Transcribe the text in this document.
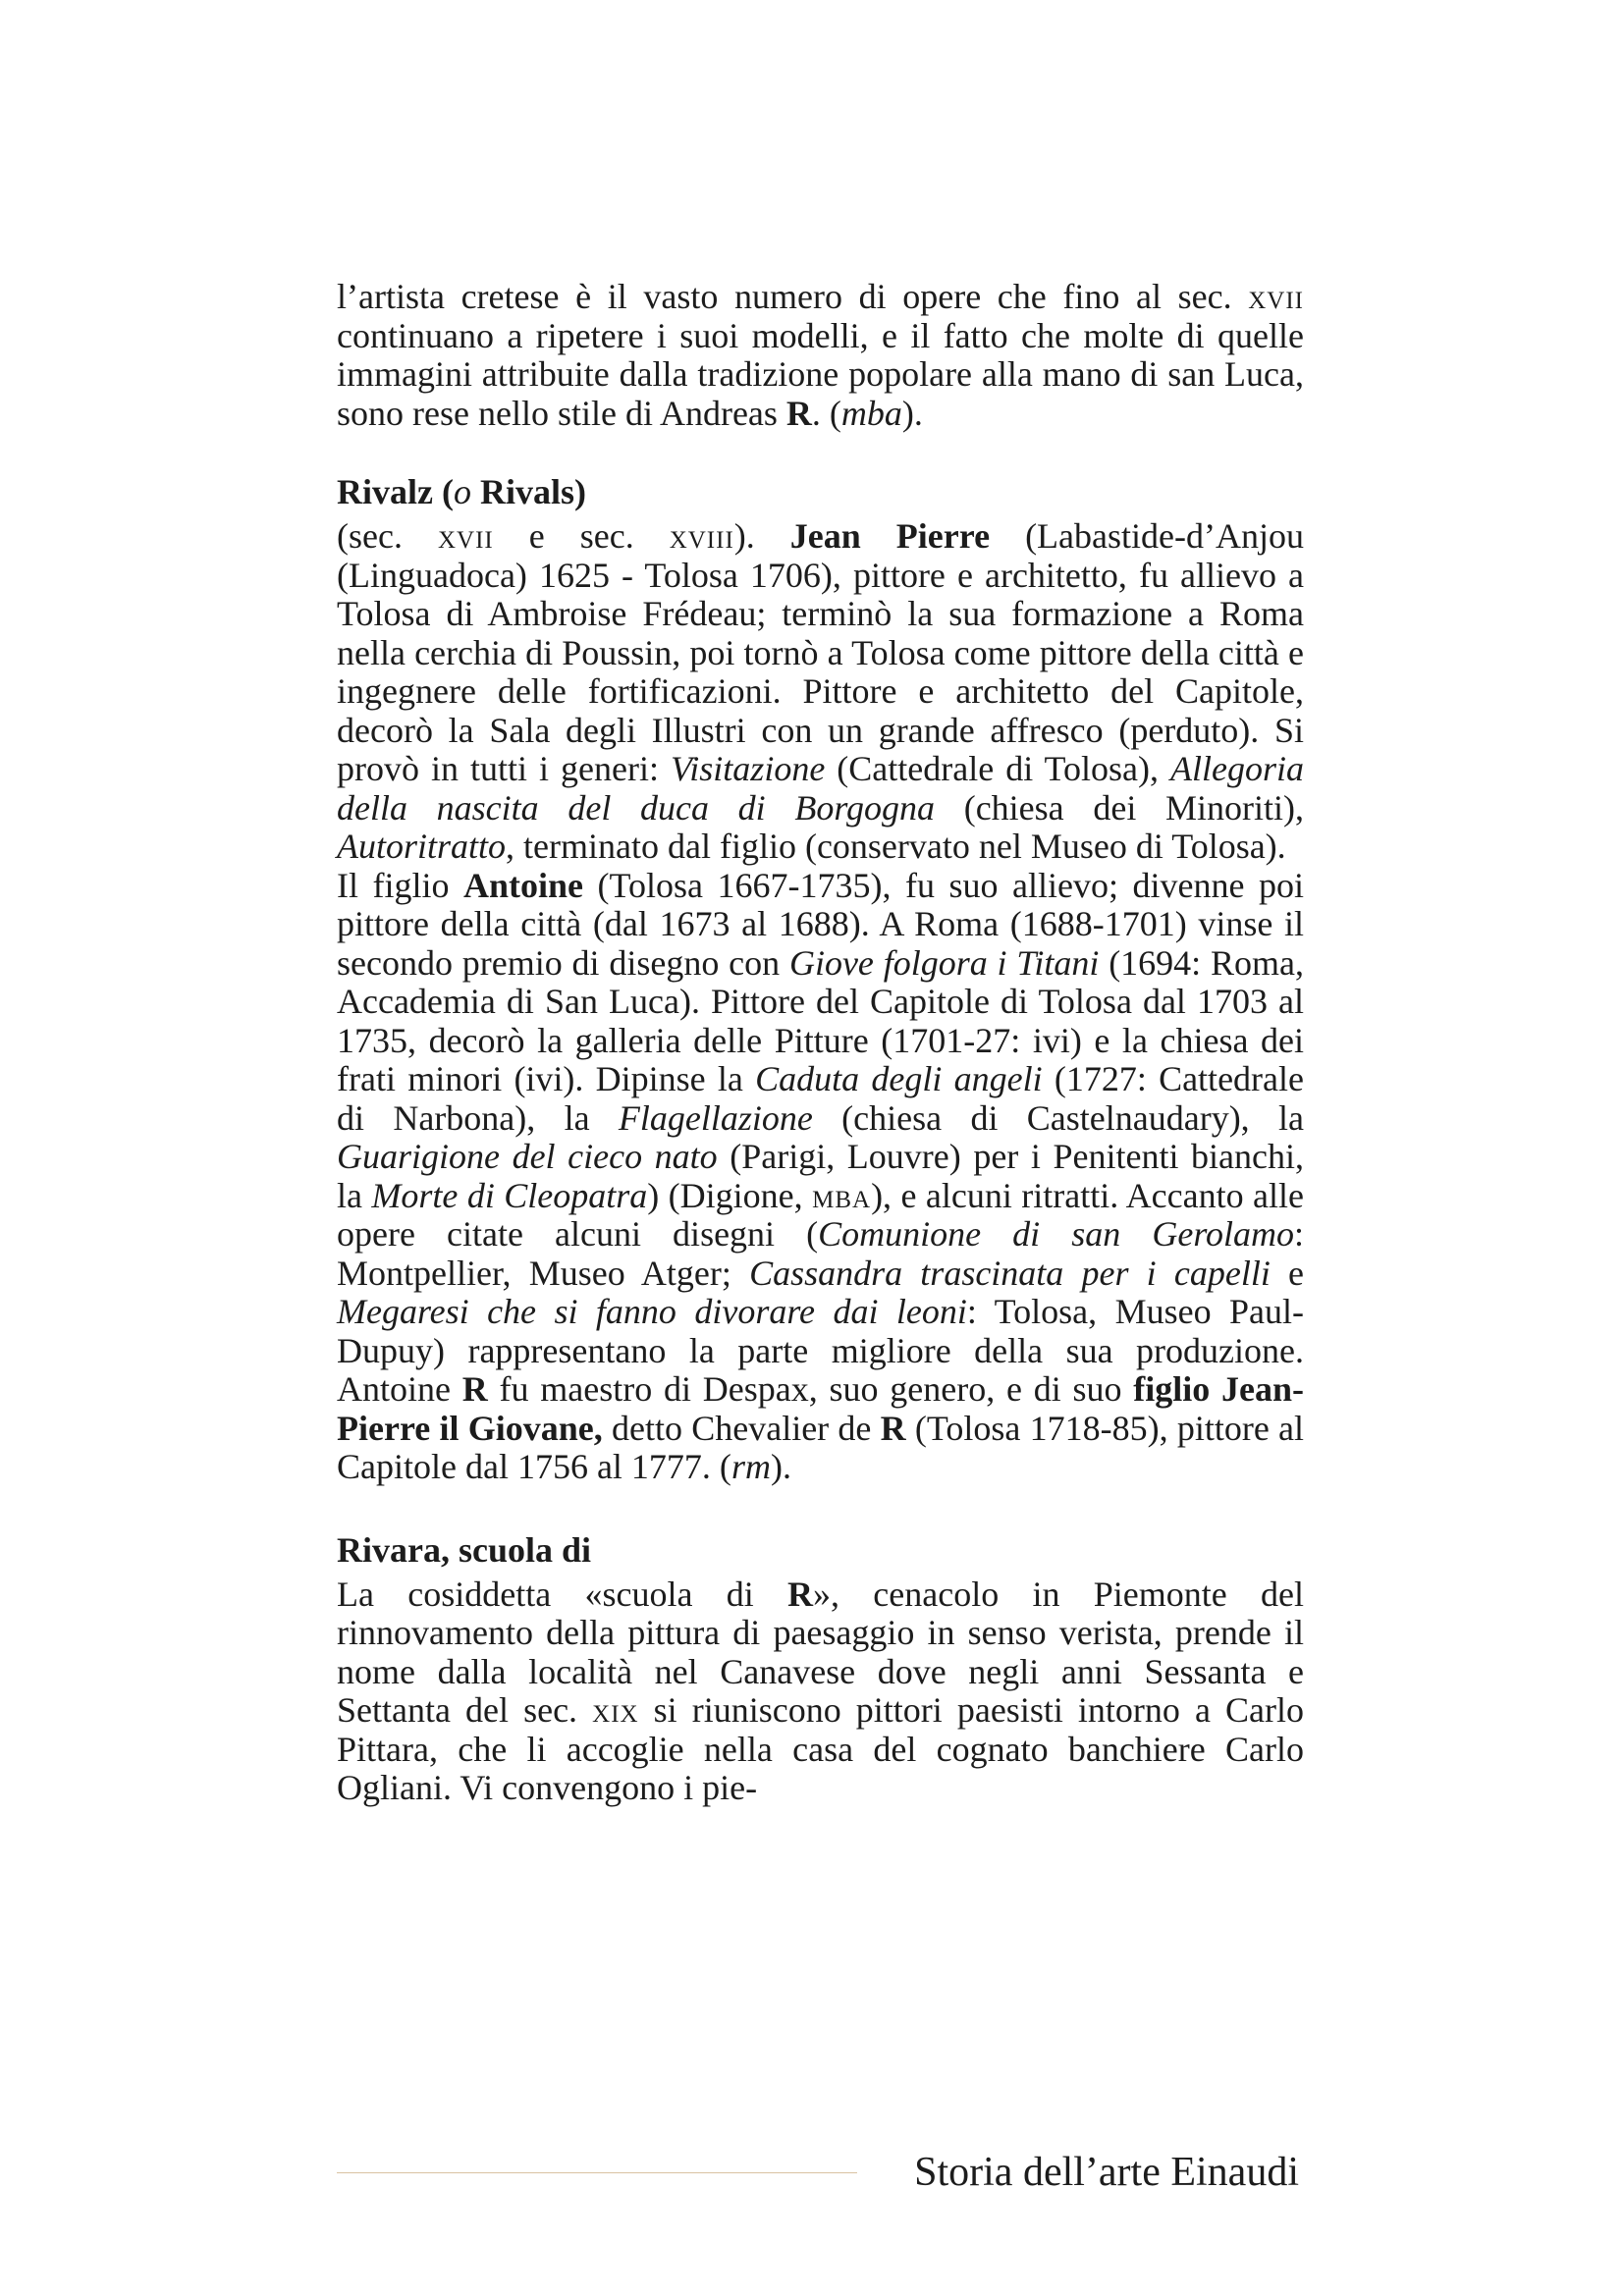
l’artista cretese è il vasto numero di opere che fino al sec. xvii continuano a ripetere i suoi modelli, e il fatto che molte di quelle immagini attribuite dalla tradizione popolare alla mano di san Luca, sono rese nello stile di Andreas R. (mba).

Rivalz (o Rivals)

(sec. xvii e sec. xviii). Jean Pierre (Labastide-d’Anjou (Linguadoca) 1625 - Tolosa 1706), pittore e architetto, fu allievo a Tolosa di Ambroise Frédeau; terminò la sua formazione a Roma nella cerchia di Poussin, poi tornò a Tolosa come pittore della città e ingegnere delle fortificazioni. Pittore e architetto del Capitole, decorò la Sala degli Illustri con un grande affresco (perduto). Si provò in tutti i generi: Visitazione (Cattedrale di Tolosa), Allegoria della nascita del duca di Borgogna (chiesa dei Minoriti), Autoritratto, terminato dal figlio (conservato nel Museo di Tolosa).

Il figlio Antoine (Tolosa 1667-1735), fu suo allievo; divenne poi pittore della città (dal 1673 al 1688). A Roma (1688-1701) vinse il secondo premio di disegno con Giove folgora i Titani (1694: Roma, Accademia di San Luca). Pittore del Capitole di Tolosa dal 1703 al 1735, decorò la galleria delle Pitture (1701-27: ivi) e la chiesa dei frati minori (ivi). Dipinse la Caduta degli angeli (1727: Cattedrale di Narbona), la Flagellazione (chiesa di Castelnaudary), la Guarigione del cieco nato (Parigi, Louvre) per i Penitenti bianchi, la Morte di Cleopatra) (Digione, mba), e alcuni ritratti. Accanto alle opere citate alcuni disegni (Comunione di san Gerolamo: Montpellier, Museo Atger; Cassandra trascinata per i capelli e Megaresi che si fanno divorare dai leoni: Tolosa, Museo Paul-Dupuy) rappresentano la parte migliore della sua produzione. Antoine R fu maestro di Despax, suo genero, e di suo figlio Jean-Pierre il Giovane, detto Chevalier de R (Tolosa 1718-85), pittore al Capitole dal 1756 al 1777. (rm).

Rivara, scuola di

La cosiddetta «scuola di R», cenacolo in Piemonte del rinnovamento della pittura di paesaggio in senso verista, prende il nome dalla località nel Canavese dove negli anni Sessanta e Settanta del sec. xix si riuniscono pittori paesisti intorno a Carlo Pittara, che li accoglie nella casa del cognato banchiere Carlo Ogliani. Vi convengono i pie-

Storia dell’arte Einaudi
